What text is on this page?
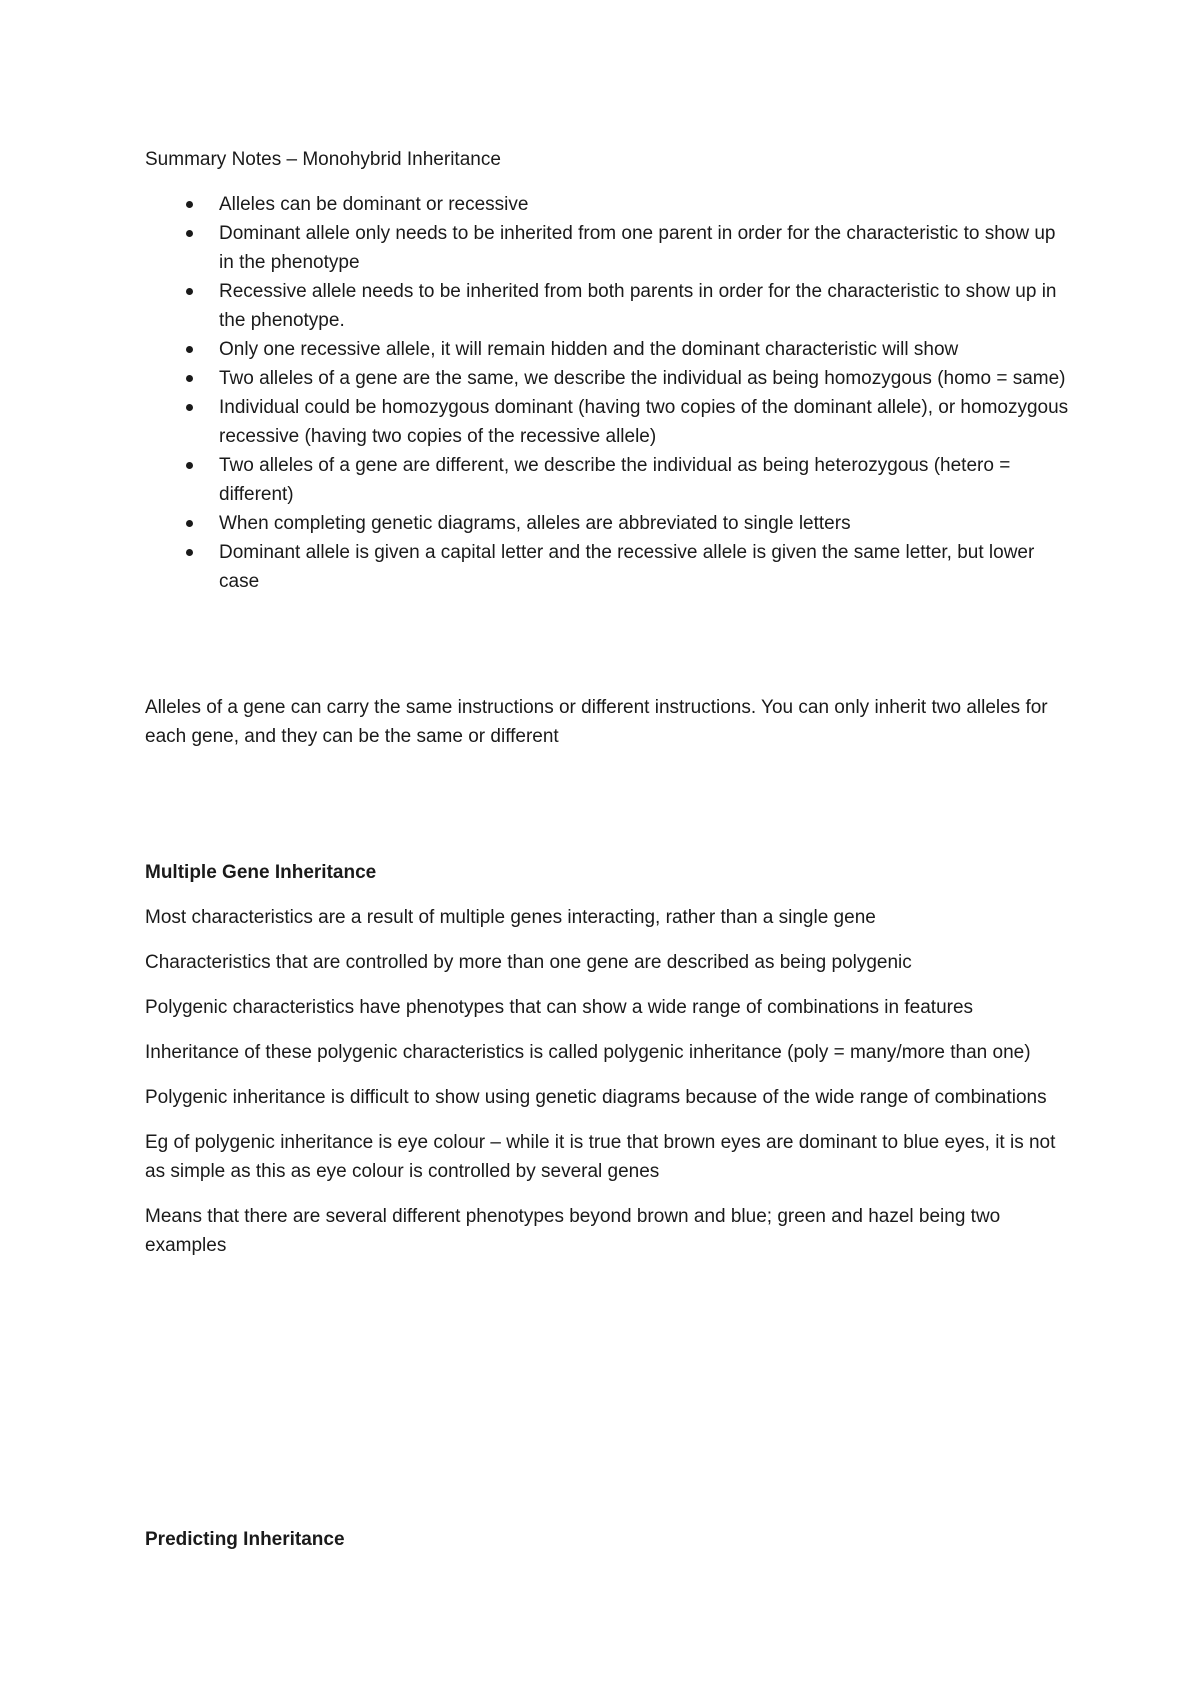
Summary Notes – Monohybrid Inheritance

Alleles can be dominant or recessive
Dominant allele only needs to be inherited from one parent in order for the characteristic to show up in the phenotype
Recessive allele needs to be inherited from both parents in order for the characteristic to show up in the phenotype.
Only one recessive allele, it will remain hidden and the dominant characteristic will show
Two alleles of a gene are the same, we describe the individual as being homozygous (homo = same)
Individual could be homozygous dominant (having two copies of the dominant allele), or homozygous recessive (having two copies of the recessive allele)
Two alleles of a gene are different, we describe the individual as being heterozygous (hetero = different)
When completing genetic diagrams, alleles are abbreviated to single letters
Dominant allele is given a capital letter and the recessive allele is given the same letter, but lower case

Alleles of a gene can carry the same instructions or different instructions. You can only inherit two alleles for each gene, and they can be the same or different

Multiple Gene Inheritance

Most characteristics are a result of multiple genes interacting, rather than a single gene

Characteristics that are controlled by more than one gene are described as being polygenic

Polygenic characteristics have phenotypes that can show a wide range of combinations in features

Inheritance of these polygenic characteristics is called polygenic inheritance (poly = many/more than one)

Polygenic inheritance is difficult to show using genetic diagrams because of the wide range of combinations

Eg of polygenic inheritance is eye colour – while it is true that brown eyes are dominant to blue eyes, it is not as simple as this as eye colour is controlled by several genes

Means that there are several different phenotypes beyond brown and blue; green and hazel being two examples

Predicting Inheritance
